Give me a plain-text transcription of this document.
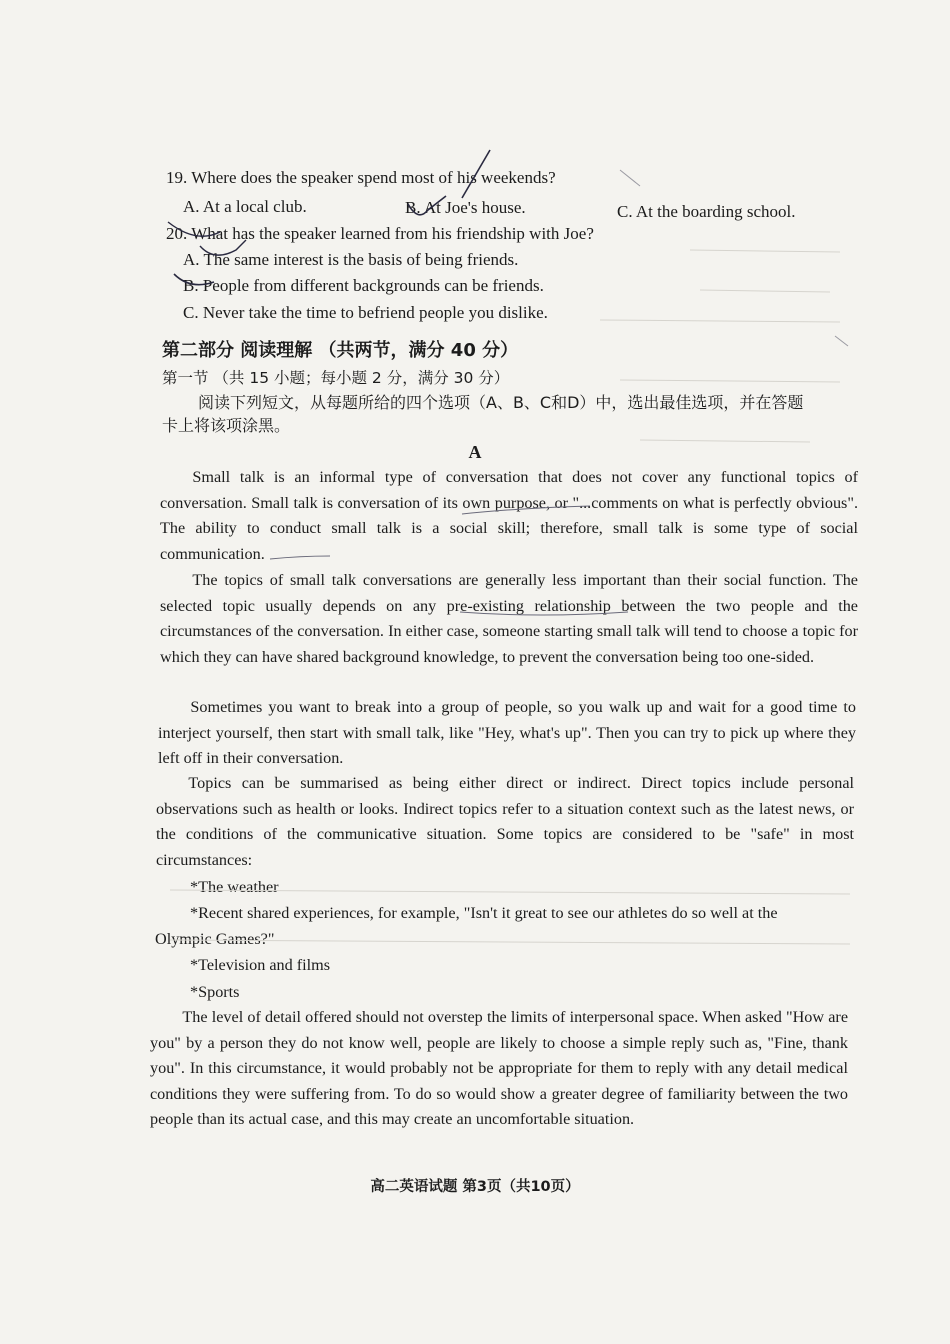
19. Where does the speaker spend most of his weekends?
A. At a local club.	B. At Joe's house.	C. At the boarding school.
20. What has the speaker learned from his friendship with Joe?
A. The same interest is the basis of being friends.
B. People from different backgrounds can be friends.
C. Never take the time to befriend people you dislike.
第二部分 阅读理解 （共两节，满分 40 分）
第一节 （共 15 小题；每小题 2 分，满分 30 分）
阅读下列短文，从每题所给的四个选项（A、B、C和D）中，选出最佳选项，并在答题
卡上将该项涂黑。
A
Small talk is an informal type of conversation that does not cover any functional topics of conversation. Small talk is conversation of its own purpose, or "...comments on what is perfectly obvious". The ability to conduct small talk is a social skill; therefore, small talk is some type of social communication.
The topics of small talk conversations are generally less important than their social function. The selected topic usually depends on any pre-existing relationship between the two people and the circumstances of the conversation. In either case, someone starting small talk will tend to choose a topic for which they can have shared background knowledge, to prevent the conversation being too one-sided.
Sometimes you want to break into a group of people, so you walk up and wait for a good time to interject yourself, then start with small talk, like "Hey, what's up". Then you can try to pick up where they left off in their conversation.
Topics can be summarised as being either direct or indirect. Direct topics include personal observations such as health or looks. Indirect topics refer to a situation context such as the latest news, or the conditions of the communicative situation. Some topics are considered to be "safe" in most circumstances:
*The weather
*Recent shared experiences, for example, "Isn't it great to see our athletes do so well at the
Olympic Games?"
*Television and films
*Sports
The level of detail offered should not overstep the limits of interpersonal space. When asked "How are you" by a person they do not know well, people are likely to choose a simple reply such as, "Fine, thank you". In this circumstance, it would probably not be appropriate for them to reply with any detail medical conditions they were suffering from. To do so would show a greater degree of familiarity between the two people than its actual case, and this may create an uncomfortable situation.
高二英语试题 第3页（共10页）
